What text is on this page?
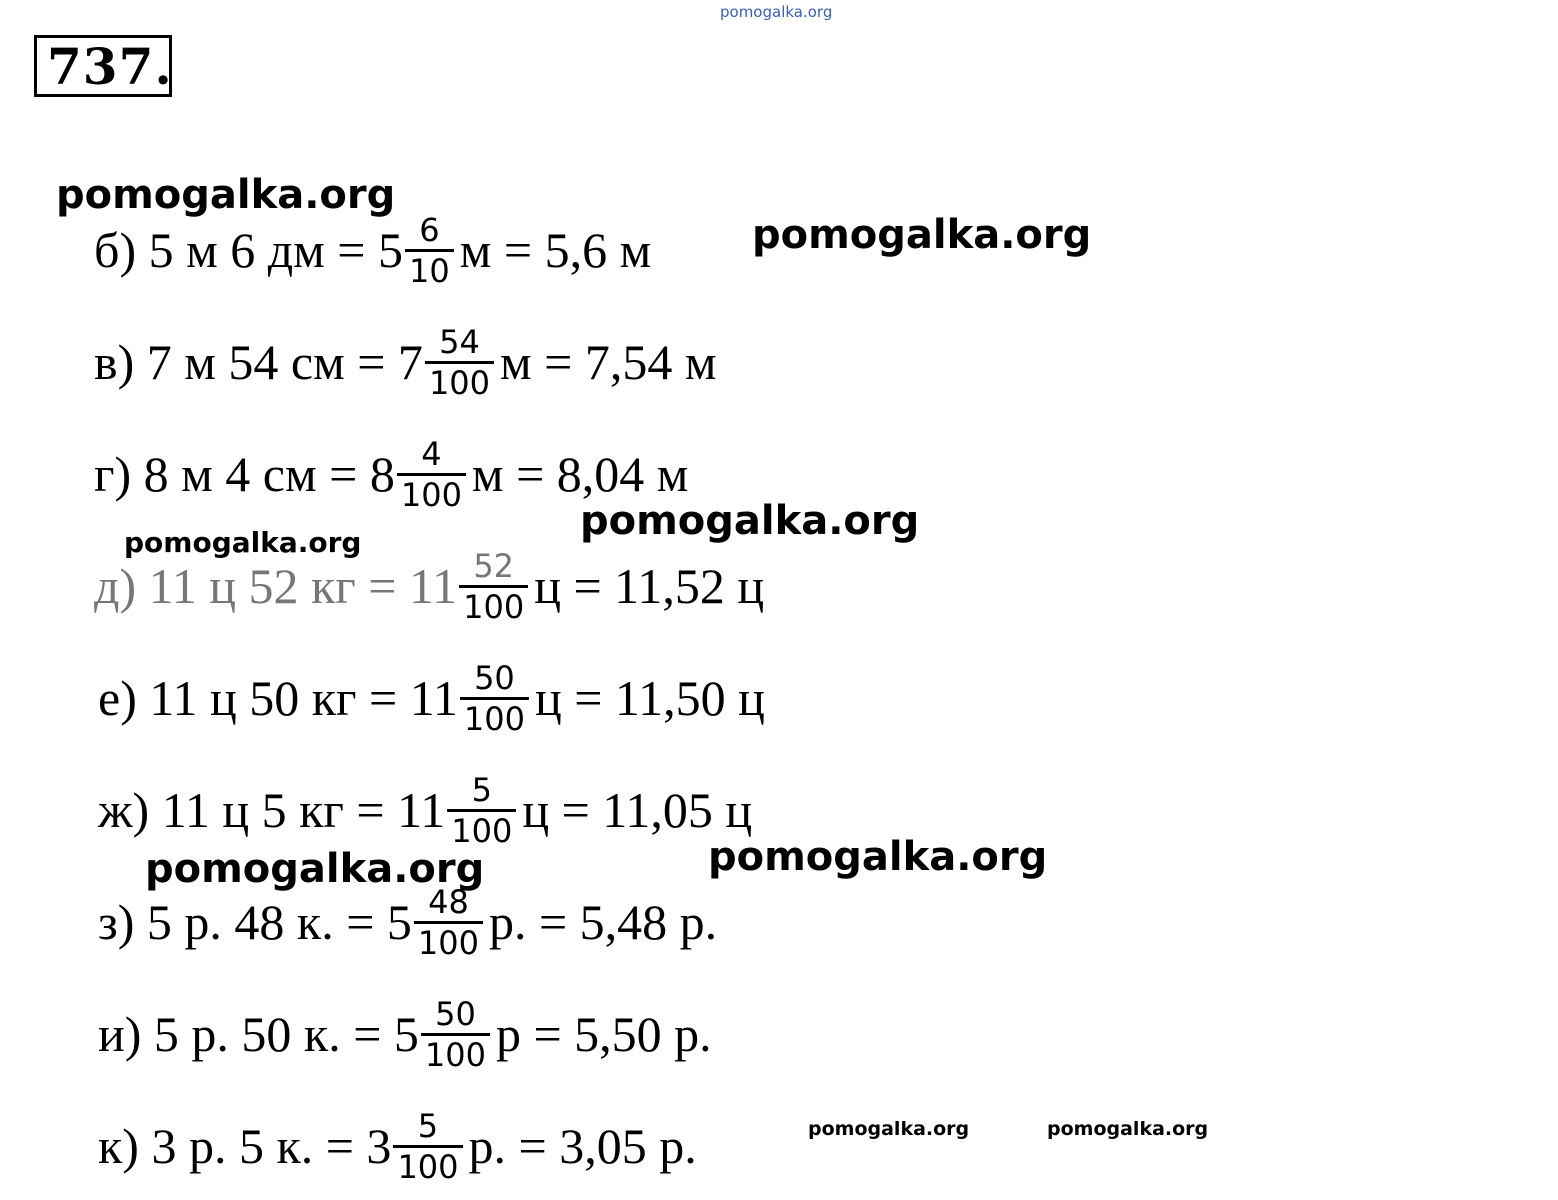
737.
pomogalka.org
pomogalka.org
pomogalka.org
pomogalka.org
pomogalka.org
pomogalka.org	pomogalka.org
pomogalka.org	pomogalka.org
б) 5 м 6 дм = $5 \frac{6}{10}$ м = 5,6 м
в) 7 м 54 см = $7 \frac{54}{100}$ м = 7,54 м
г) 8 м 4 см = $8 \frac{4}{100}$ м = 8,04 м
д) 11 ц 52 кг = $11 \frac{52}{100}$ ц = 11,52 ц
е) 11 ц 50 кг = $11 \frac{50}{100}$ ц = 11,50 ц
ж) 11 ц 5 кг = $11 \frac{5}{100}$ ц = 11,05 ц
з) 5 р. 48 к. = $5 \frac{48}{100} р$. = 5,48 р.
и) 5 р. 50 к. = $5 \frac{50}{100}$ р = 5,50 р.
к) 3 р. 5 к. = $3 \frac{5}{100} р$. = 3,05 р.
